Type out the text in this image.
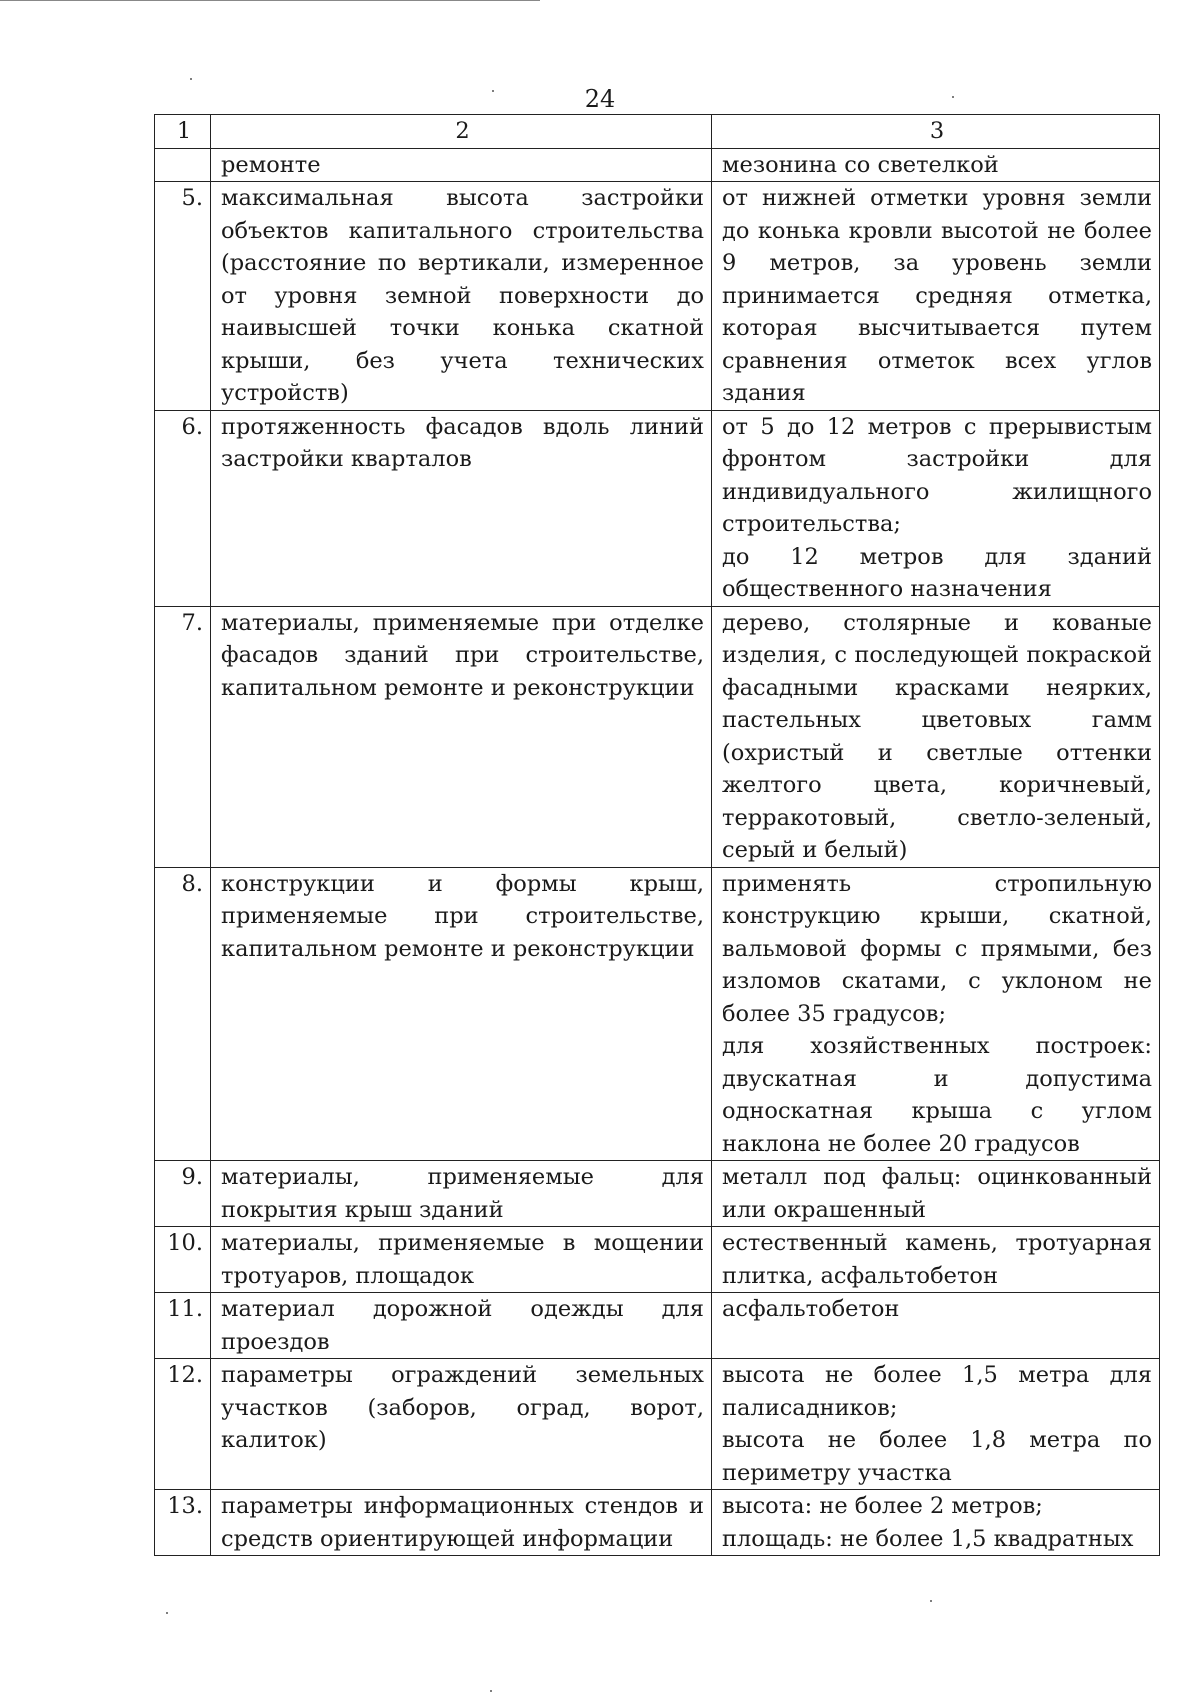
24
1	2	3
	ремонте	мезонина со светелкой
5.	максимальная высота застройки объектов капитального строительства (расстояние по вертикали, измеренное от уровня земной поверхности до наивысшей точки конька скатной крыши, без учета технических устройств)	от нижней отметки уровня земли до конька кровли высотой не более 9 метров, за уровень земли принимается средняя отметка, которая высчитывается путем сравнения отметок всех углов здания
6.	протяженность фасадов вдоль линий застройки кварталов	от 5 до 12 метров с прерывистым фронтом застройки для индивидуального жилищного строительства;
до 12 метров для зданий общественного назначения

7.	материалы, применяемые при отделке фасадов зданий при строительстве, капитальном ремонте и реконструкции	дерево, столярные и кованые изделия, с последующей покраской фасадными красками неярких, пастельных цветовых гамм (охристый и светлые оттенки желтого цвета, коричневый, терракотовый, светло-зеленый, серый и белый)
8.	конструкции и формы крыш, применяемые при строительстве, капитальном ремонте и реконструкции	применять стропильную конструкцию крыши, скатной, вальмовой формы с прямыми, без изломов скатами, с уклоном не более 35 градусов;
для хозяйственных построек: двускатная и допустима односкатная крыша с углом наклона не более 20 градусов

9.	материалы, применяемые для покрытия крыш зданий	металл под фальц: оцинкованный или окрашенный
10.	материалы, применяемые в мощении тротуаров, площадок	естественный камень, тротуарная плитка, асфальтобетон
11.	материал дорожной одежды для проездов	асфальтобетон
12.	параметры ограждений земельных участков (заборов, оград, ворот, калиток)	высота не более 1,5 метра для палисадников;
высота не более 1,8 метра по периметру участка

13.	параметры информационных стендов и средств ориентирующей информации	высота: не более 2 метров;
площадь: не более 1,5 квадратных
